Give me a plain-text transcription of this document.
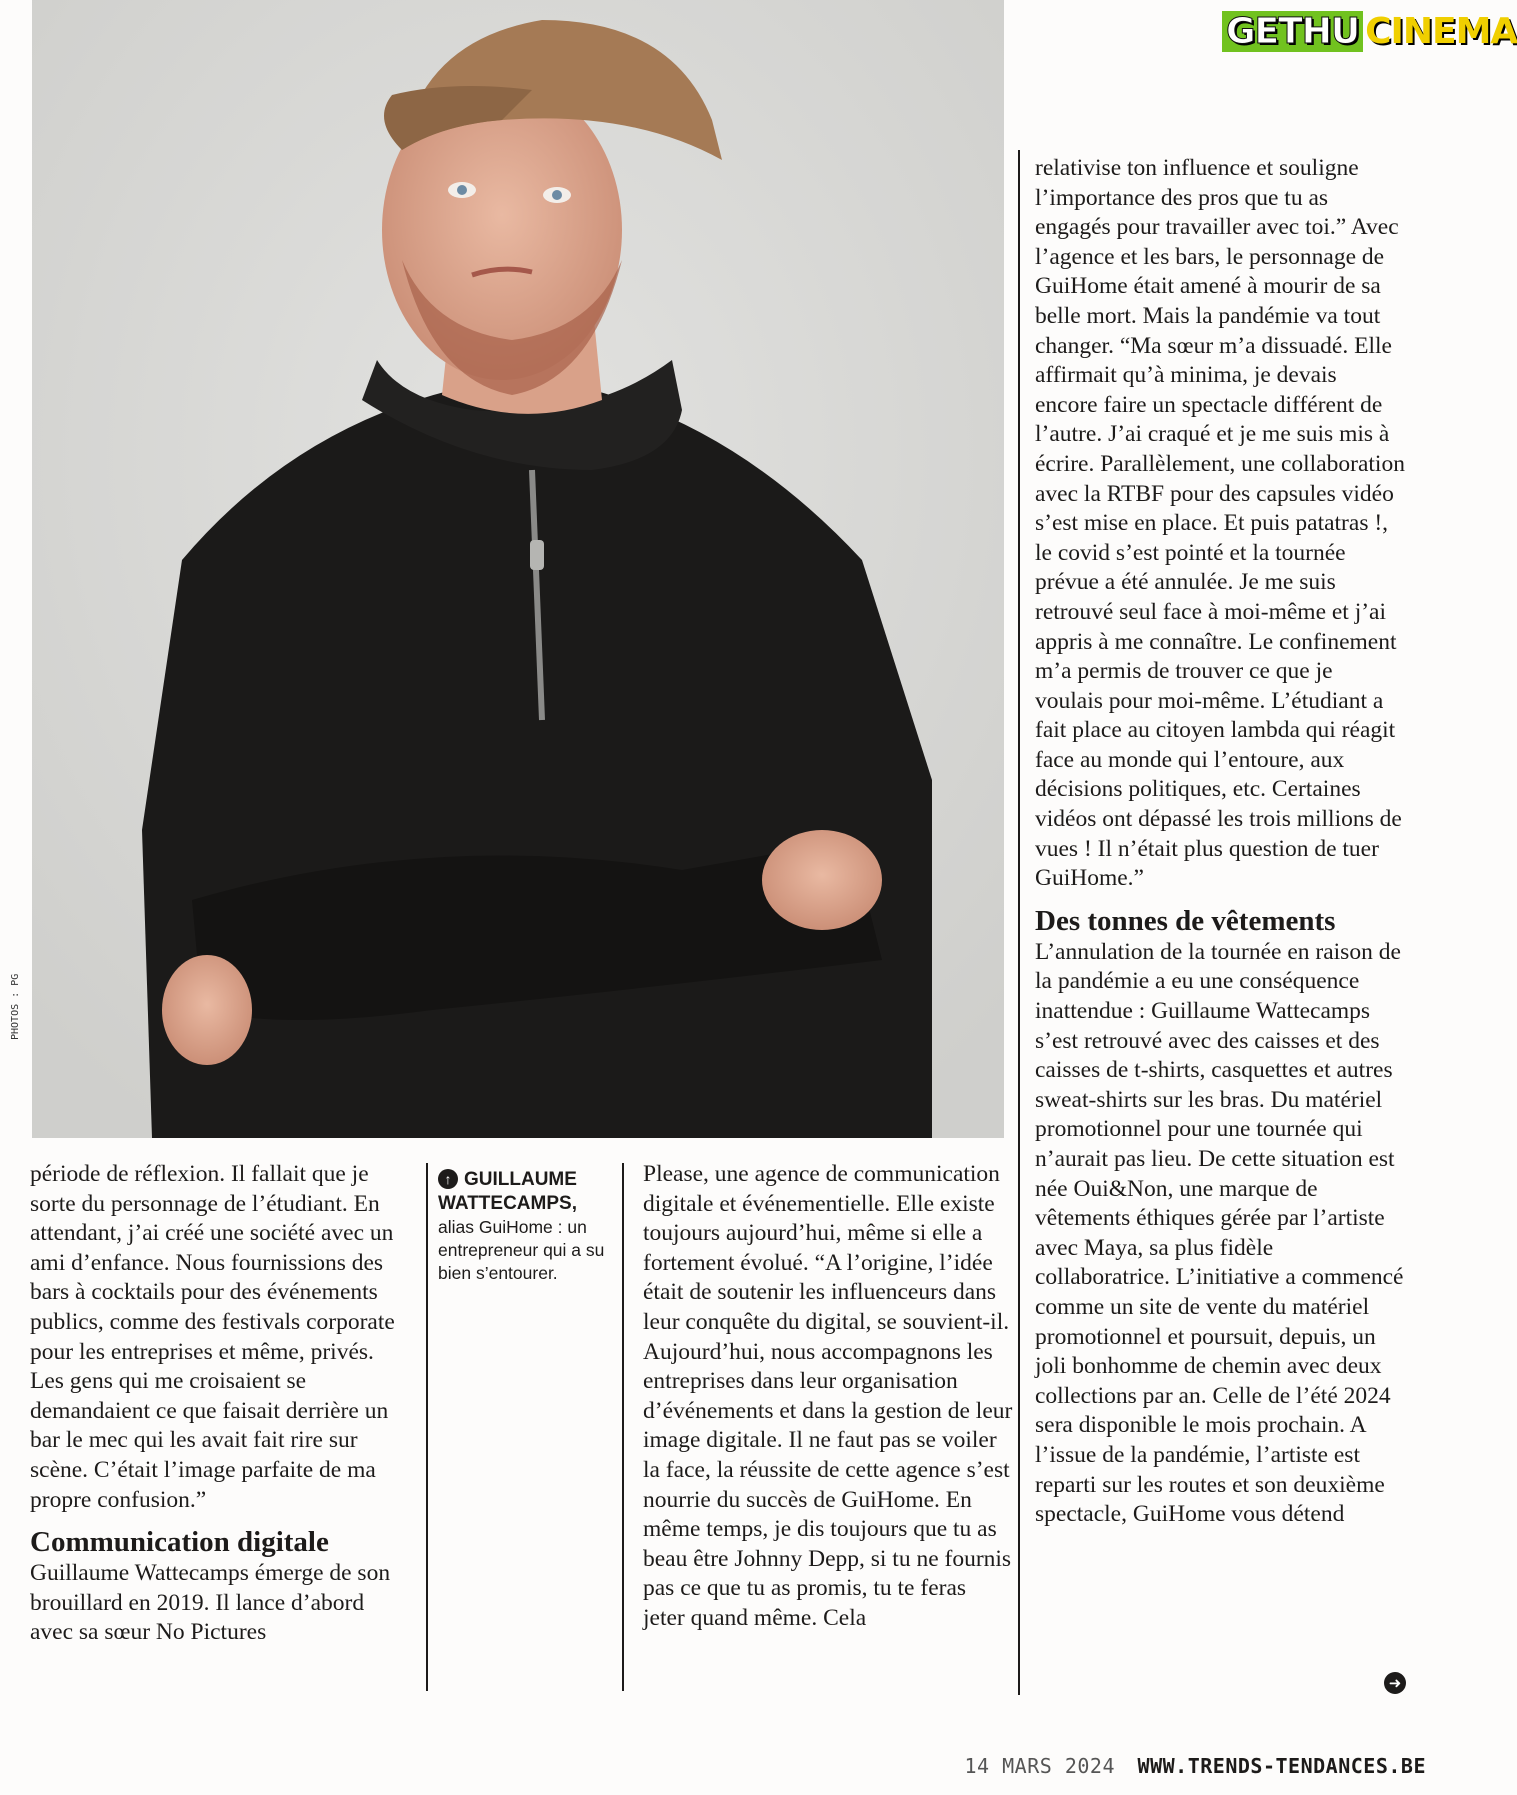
PHOTOS : PG
GETHU CINEMA

période de réflexion. Il fallait que je sorte du personnage de l’étudiant. En attendant, j’ai créé une société avec un ami d’enfance. Nous fournissions des bars à cocktails pour des événements publics, comme des festivals corporate pour les entreprises et même, privés. Les gens qui me croisaient se demandaient ce que faisait derrière un bar le mec qui les avait fait rire sur scène. C’était l’image parfaite de ma propre confusion.”

Communication digitale

Guillaume Wattecamps émerge de son brouillard en 2019. Il lance d’abord avec sa sœur No Pictures

↑ GUILLAUME WATTECAMPS,
alias GuiHome : un entrepreneur qui a su bien s’entourer.

Please, une agence de communication digitale et événementielle. Elle existe toujours aujourd’hui, même si elle a fortement évolué. “A l’origine, l’idée était de soutenir les influenceurs dans leur conquête du digital, se souvient-il. Aujourd’hui, nous accompagnons les entreprises dans leur organisation d’événements et dans la gestion de leur image digitale. Il ne faut pas se voiler la face, la réussite de cette agence s’est nourrie du succès de GuiHome. En même temps, je dis toujours que tu as beau être Johnny Depp, si tu ne fournis pas ce que tu as promis, tu te feras jeter quand même. Cela

relativise ton influence et souligne l’importance des pros que tu as engagés pour travailler avec toi.” Avec l’agence et les bars, le personnage de GuiHome était amené à mourir de sa belle mort. Mais la pandémie va tout changer. “Ma sœur m’a dissuadé. Elle affirmait qu’à minima, je devais encore faire un spectacle différent de l’autre. J’ai craqué et je me suis mis à écrire. Parallèlement, une collaboration avec la RTBF pour des capsules vidéo s’est mise en place. Et puis patatras !, le covid s’est pointé et la tournée prévue a été annulée. Je me suis retrouvé seul face à moi-même et j’ai appris à me connaître. Le confinement m’a permis de trouver ce que je voulais pour moi-même. L’étudiant a fait place au citoyen lambda qui réagit face au monde qui l’entoure, aux décisions politiques, etc. Certaines vidéos ont dépassé les trois millions de vues ! Il n’était plus question de tuer GuiHome.”

Des tonnes de vêtements

L’annulation de la tournée en raison de la pandémie a eu une conséquence inattendue : Guillaume Wattecamps s’est retrouvé avec des caisses et des caisses de t-shirts, casquettes et autres sweat-shirts sur les bras. Du matériel promotionnel pour une tournée qui n’aurait pas lieu. De cette situation est née Oui&Non, une marque de vêtements éthiques gérée par l’artiste avec Maya, sa plus fidèle collaboratrice. L’initiative a commencé comme un site de vente du matériel promotionnel et poursuit, depuis, un joli bonhomme de chemin avec deux collections par an. Celle de l’été 2024 sera disponible le mois prochain. A l’issue de la pandémie, l’artiste est reparti sur les routes et son deuxième spectacle, GuiHome vous détend

➜
14 MARS 2024 WWW.TRENDS-TENDANCES.BE
